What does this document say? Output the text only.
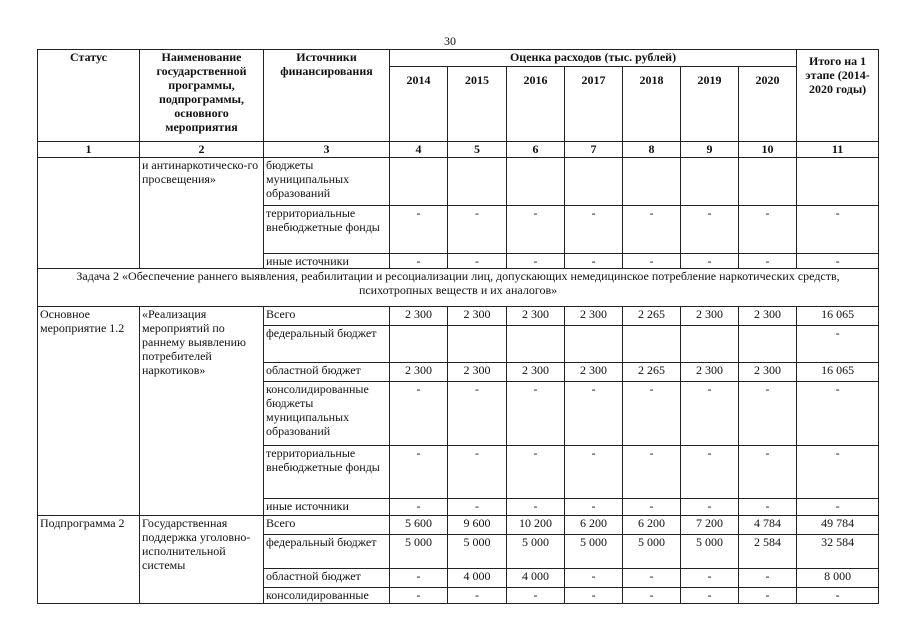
30
Статус	Наименование государственной программы, подпрограммы, основного мероприятия	Источники финансирования	Оценка расходов (тыс. рублей)							Итого на 1 этапе (2014-2020 годы)
			2014	2015	2016	2017	2018	2019	2020	
1	2	3	4	5	6	7	8	9	10	11
	и антинаркотическо-го просвещения»	бюджеты муниципальных образований								
		территориальные внебюджетные фонды	-	-	-	-	-	-	-	-
		иные источники	-	-	-	-	-	-	-	-
Задача 2 «Обеспечение раннего выявления, реабилитации и ресоциализации лиц, допускающих немедицинское потребление наркотических средств, психотропных веществ и их аналогов»										
Основное мероприятие 1.2	«Реализация мероприятий по раннему выявлению потребителей наркотиков»	Всего	2 300	2 300	2 300	2 300	2 265	2 300	2 300	16 065
		федеральный бюджет								-
		областной бюджет	2 300	2 300	2 300	2 300	2 265	2 300	2 300	16 065
		консолидированные бюджеты муниципальных образований	-	-	-	-	-	-	-	-
		территориальные внебюджетные фонды	-	-	-	-	-	-	-	-
		иные источники	-	-	-	-	-	-	-	-
Подпрограмма 2	Государственная поддержка уголовно-исполнительной системы	Всего	5 600	9 600	10 200	6 200	6 200	7 200	4 784	49 784
		федеральный бюджет	5 000	5 000	5 000	5 000	5 000	5 000	2 584	32 584
		областной бюджет	-	4 000	4 000	-	-	-	-	8 000
		консолидированные	-	-	-	-	-	-	-	-
